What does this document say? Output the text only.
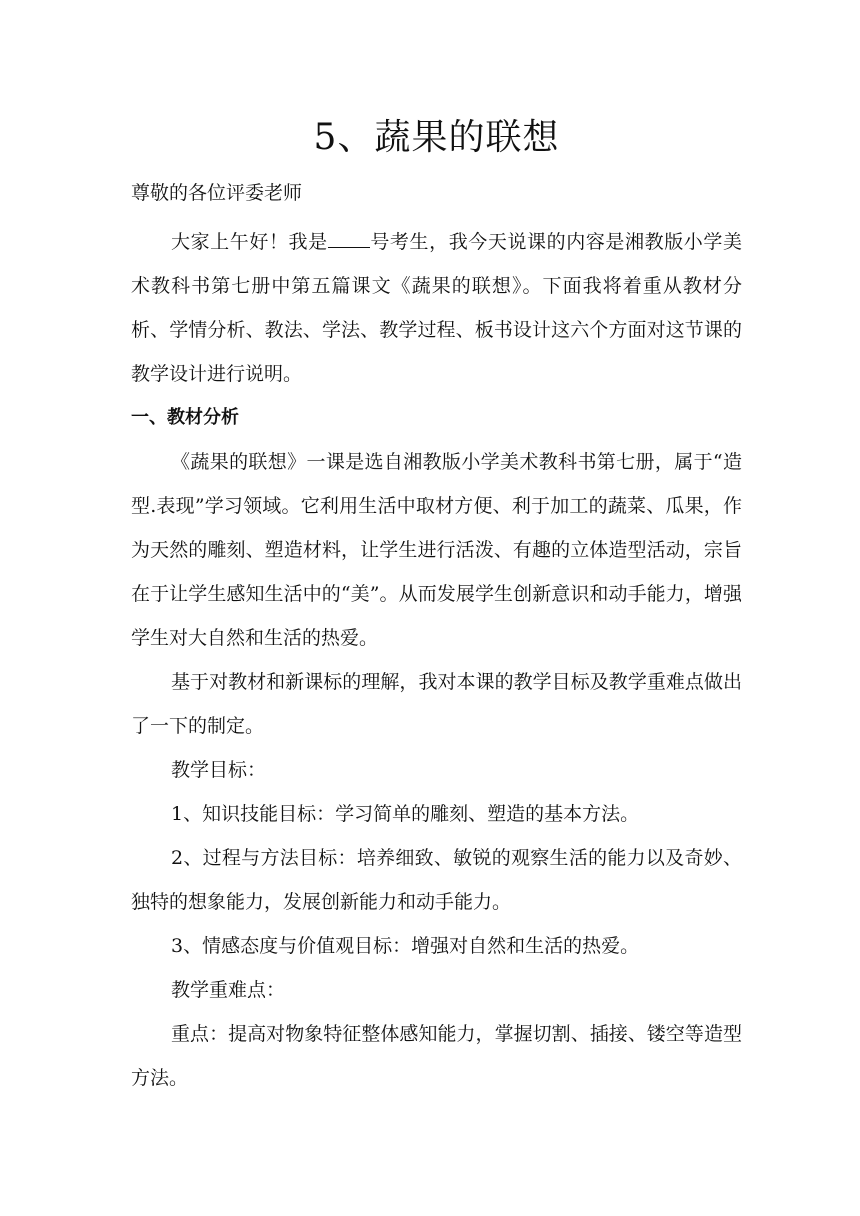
5、蔬果的联想

尊敬的各位评委老师

大家上午好！我是 号考生，我今天说课的内容是湘教版小学美术教科书第七册中第五篇课文《蔬果的联想》。下面我将着重从教材分析、学情分析、教法、学法、教学过程、板书设计这六个方面对这节课的教学设计进行说明。

一、教材分析

《蔬果的联想》一课是选自湘教版小学美术教科书第七册，属于“造型.表现”学习领域。它利用生活中取材方便、利于加工的蔬菜、瓜果，作为天然的雕刻、塑造材料，让学生进行活泼、有趣的立体造型活动，宗旨在于让学生感知生活中的“美”。从而发展学生创新意识和动手能力，增强学生对大自然和生活的热爱。

基于对教材和新课标的理解，我对本课的教学目标及教学重难点做出了一下的制定。

教学目标：

1、知识技能目标：学习简单的雕刻、塑造的基本方法。

2、过程与方法目标：培养细致、敏锐的观察生活的能力以及奇妙、独特的想象能力，发展创新能力和动手能力。

3、情感态度与价值观目标：增强对自然和生活的热爱。

教学重难点：

重点：提高对物象特征整体感知能力，掌握切割、插接、镂空等造型方法。
